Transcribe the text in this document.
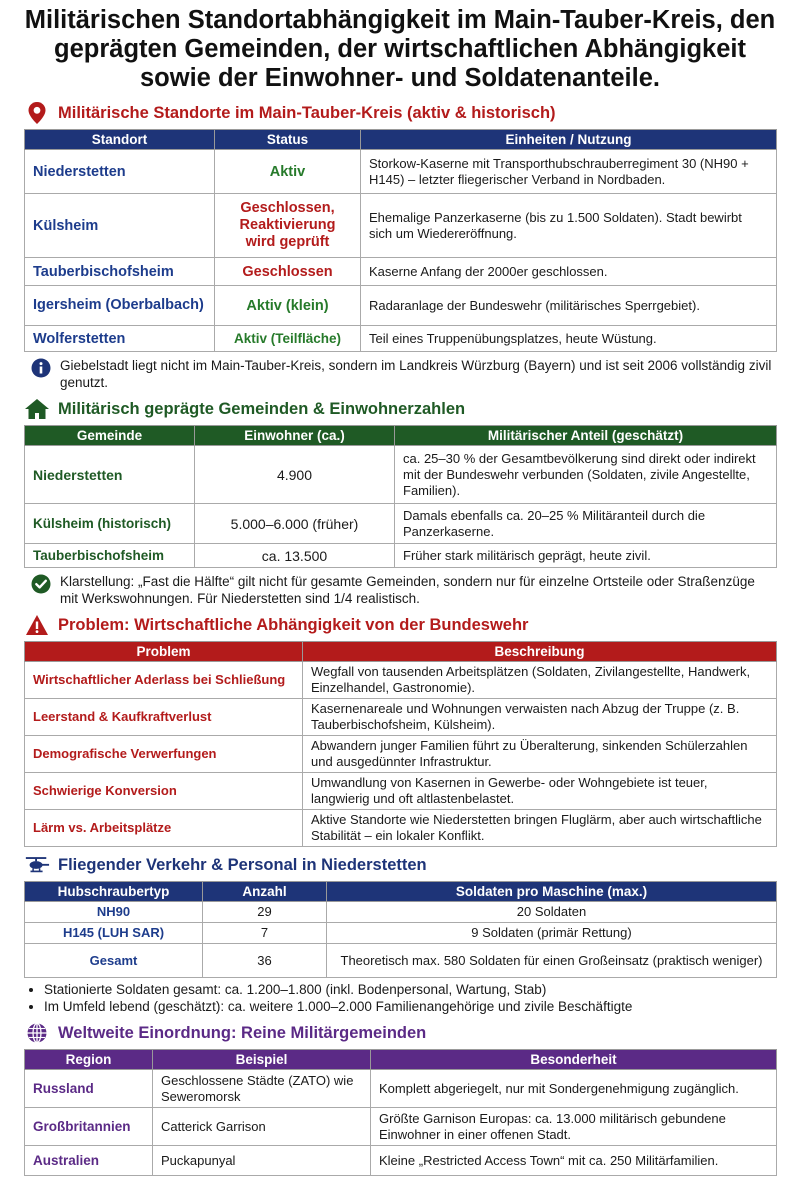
Militärischen Standortabhängigkeit im Main-Tauber-Kreis, den geprägten Gemeinden, der wirtschaftlichen Abhängigkeit sowie der Einwohner- und Soldatenanteile.
Militärische Standorte im Main-Tauber-Kreis (aktiv & historisch)
Standort	Status	Einheiten / Nutzung
Niederstetten	Aktiv	Storkow-Kaserne mit Transporthubschrauberregiment 30 (NH90 + H145) – letzter fliegerischer Verband in Nordbaden.
Külsheim	Geschlossen, Reaktivierung wird geprüft	Ehemalige Panzerkaserne (bis zu 1.500 Soldaten). Stadt bewirbt sich um Wiedereröffnung.
Tauberbischofsheim	Geschlossen	Kaserne Anfang der 2000er geschlossen.
Igersheim (Oberbalbach)	Aktiv (klein)	Radaranlage der Bundeswehr (militärisches Sperrgebiet).
Wolferstetten	Aktiv (Teilfläche)	Teil eines Truppenübungsplatzes, heute Wüstung.
Giebelstadt liegt nicht im Main-Tauber-Kreis, sondern im Landkreis Würzburg (Bayern) und ist seit 2006 vollständig zivil genutzt.
Militärisch geprägte Gemeinden & Einwohnerzahlen
Gemeinde	Einwohner (ca.)	Militärischer Anteil (geschätzt)
Niederstetten	4.900	ca. 25–30 % der Gesamtbevölkerung sind direkt oder indirekt mit der Bundeswehr verbunden (Soldaten, zivile Angestellte, Familien).
Külsheim (historisch)	5.000–6.000 (früher)	Damals ebenfalls ca. 20–25 % Militäranteil durch die Panzerkaserne.
Tauberbischofsheim	ca. 13.500	Früher stark militärisch geprägt, heute zivil.
Klarstellung: „Fast die Hälfte“ gilt nicht für gesamte Gemeinden, sondern nur für einzelne Ortsteile oder Straßenzüge mit Werkswohnungen. Für Niederstetten sind 1/4 realistisch.
Problem: Wirtschaftliche Abhängigkeit von der Bundeswehr
Problem	Beschreibung
Wirtschaftlicher Aderlass bei Schließung	Wegfall von tausenden Arbeitsplätzen (Soldaten, Zivilangestellte, Handwerk, Einzelhandel, Gastronomie).
Leerstand & Kaufkraftverlust	Kasernenareale und Wohnungen verwaisten nach Abzug der Truppe (z. B. Tauberbischofsheim, Külsheim).
Demografische Verwerfungen	Abwandern junger Familien führt zu Überalterung, sinkenden Schülerzahlen und ausgedünnter Infrastruktur.
Schwierige Konversion	Umwandlung von Kasernen in Gewerbe- oder Wohngebiete ist teuer, langwierig und oft altlastenbelastet.
Lärm vs. Arbeitsplätze	Aktive Standorte wie Niederstetten bringen Fluglärm, aber auch wirtschaftliche Stabilität – ein lokaler Konflikt.
Fliegender Verkehr & Personal in Niederstetten
Hubschraubertyp	Anzahl	Soldaten pro Maschine (max.)
NH90	29	20 Soldaten
H145 (LUH SAR)	7	9 Soldaten (primär Rettung)
Gesamt	36	Theoretisch max. 580 Soldaten für einen Großeinsatz (praktisch weniger)
• Stationierte Soldaten gesamt: ca. 1.200–1.800 (inkl. Bodenpersonal, Wartung, Stab)
• Im Umfeld lebend (geschätzt): ca. weitere 1.000–2.000 Familienangehörige und zivile Beschäftigte
Weltweite Einordnung: Reine Militärgemeinden
Region	Beispiel	Besonderheit
Russland	Geschlossene Städte (ZATO) wie Seweromorsk	Komplett abgeriegelt, nur mit Sondergenehmigung zugänglich.
Großbritannien	Catterick Garrison	Größte Garnison Europas: ca. 13.000 militärisch gebundene Einwohner in einer offenen Stadt.
Australien	Puckapunyal	Kleine „Restricted Access Town“ mit ca. 250 Militärfamilien.
